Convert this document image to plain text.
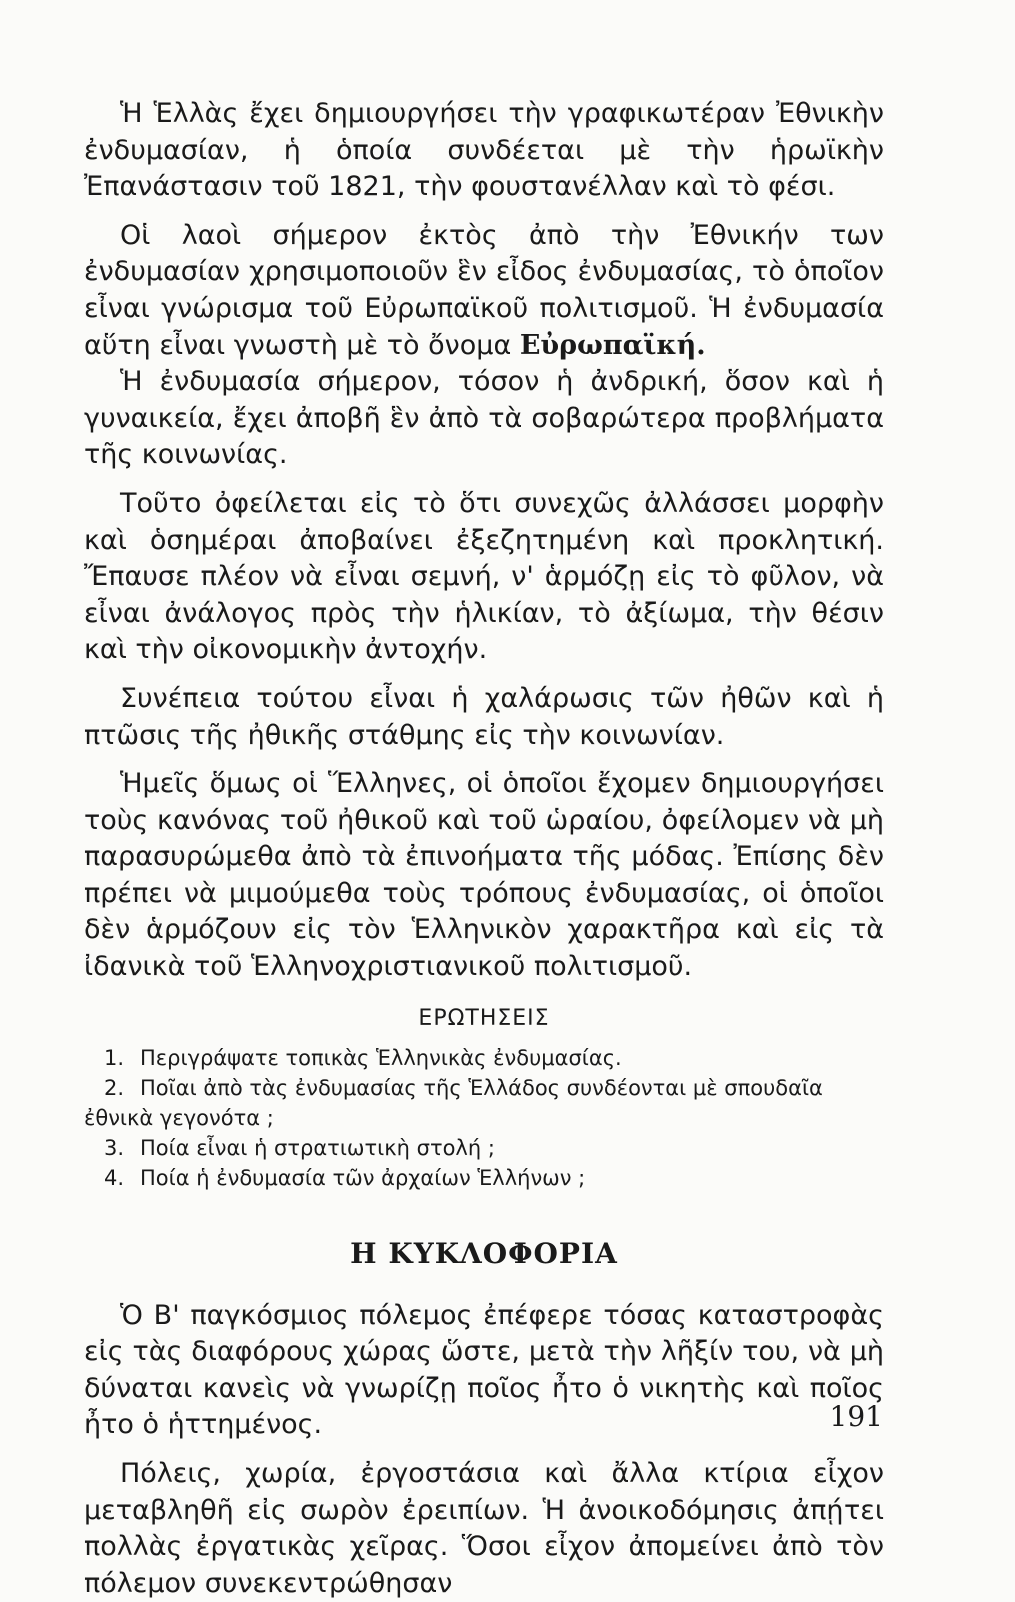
Ἡ Ἑλλὰς ἔχει δημιουργήσει τὴν γραφικωτέραν Ἐθνικὴν ἐνδυμασίαν, ἡ ὁποία συνδέεται μὲ τὴν ἡρωϊκὴν Ἐπανάστασιν τοῦ 1821, τὴν φουστανέλλαν καὶ τὸ φέσι.

Οἱ λαοὶ σήμερον ἐκτὸς ἀπὸ τὴν Ἐθνικήν των ἐνδυμασίαν χρησιμοποιοῦν ἓν εἶδος ἐνδυμασίας, τὸ ὁποῖον εἶναι γνώρισμα τοῦ Εὐρωπαϊκοῦ πολιτισμοῦ. Ἡ ἐνδυμασία αὕτη εἶναι γνωστὴ μὲ τὸ ὄνομα Εὐρωπαϊκή.

Ἡ ἐνδυμασία σήμερον, τόσον ἡ ἀνδρική, ὅσον καὶ ἡ γυναικεία, ἔχει ἀποβῆ ἓν ἀπὸ τὰ σοβαρώτερα προβλήματα τῆς κοινωνίας.

Τοῦτο ὀφείλεται εἰς τὸ ὅτι συνεχῶς ἀλλάσσει μορφὴν καὶ ὁσημέραι ἀποβαίνει ἐξεζητημένη καὶ προκλητική. Ἔπαυσε πλέον νὰ εἶναι σεμνή, ν' ἁρμόζῃ εἰς τὸ φῦλον, νὰ εἶναι ἀνάλογος πρὸς τὴν ἡλικίαν, τὸ ἀξίωμα, τὴν θέσιν καὶ τὴν οἰκονομικὴν ἀντοχήν.

Συνέπεια τούτου εἶναι ἡ χαλάρωσις τῶν ἠθῶν καὶ ἡ πτῶσις τῆς ἠθικῆς στάθμης εἰς τὴν κοινωνίαν.

Ἡμεῖς ὅμως οἱ Ἕλληνες, οἱ ὁποῖοι ἔχομεν δημιουργήσει τοὺς κανόνας τοῦ ἠθικοῦ καὶ τοῦ ὡραίου, ὀφείλομεν νὰ μὴ παρασυρώμεθα ἀπὸ τὰ ἐπινοήματα τῆς μόδας. Ἐπίσης δὲν πρέπει νὰ μιμούμεθα τοὺς τρόπους ἐνδυμασίας, οἱ ὁποῖοι δὲν ἁρμόζουν εἰς τὸν Ἑλληνικὸν χαρακτῆρα καὶ εἰς τὰ ἰδανικὰ τοῦ Ἑλληνοχριστιανικοῦ πολιτισμοῦ.

ΕΡΩΤΗΣΕΙΣ
1. Περιγράψατε τοπικὰς Ἑλληνικὰς ἐνδυμασίας.
2. Ποῖαι ἀπὸ τὰς ἐνδυμασίας τῆς Ἑλλάδος συνδέονται μὲ σπουδαῖα ἐθνικὰ γεγονότα ;
3. Ποία εἶναι ἡ στρατιωτικὴ στολή ;
4. Ποία ἡ ἐνδυμασία τῶν ἀρχαίων Ἑλλήνων ;
Η ΚΥΚΛΟΦΟΡΙΑ

Ὁ Β' παγκόσμιος πόλεμος ἐπέφερε τόσας καταστροφὰς εἰς τὰς διαφόρους χώρας ὥστε, μετὰ τὴν λῆξίν του, νὰ μὴ δύναται κανεὶς νὰ γνωρίζῃ ποῖος ἦτο ὁ νικητὴς καὶ ποῖος ἦτο ὁ ἡττημένος.

Πόλεις, χωρία, ἐργοστάσια καὶ ἄλλα κτίρια εἶχον μεταβληθῆ εἰς σωρὸν ἐρειπίων. Ἡ ἀνοικοδόμησις ἀπῄτει πολλὰς ἐργατικὰς χεῖρας. Ὅσοι εἶχον ἀπομείνει ἀπὸ τὸν πόλεμον συνεκεντρώθησαν

191
